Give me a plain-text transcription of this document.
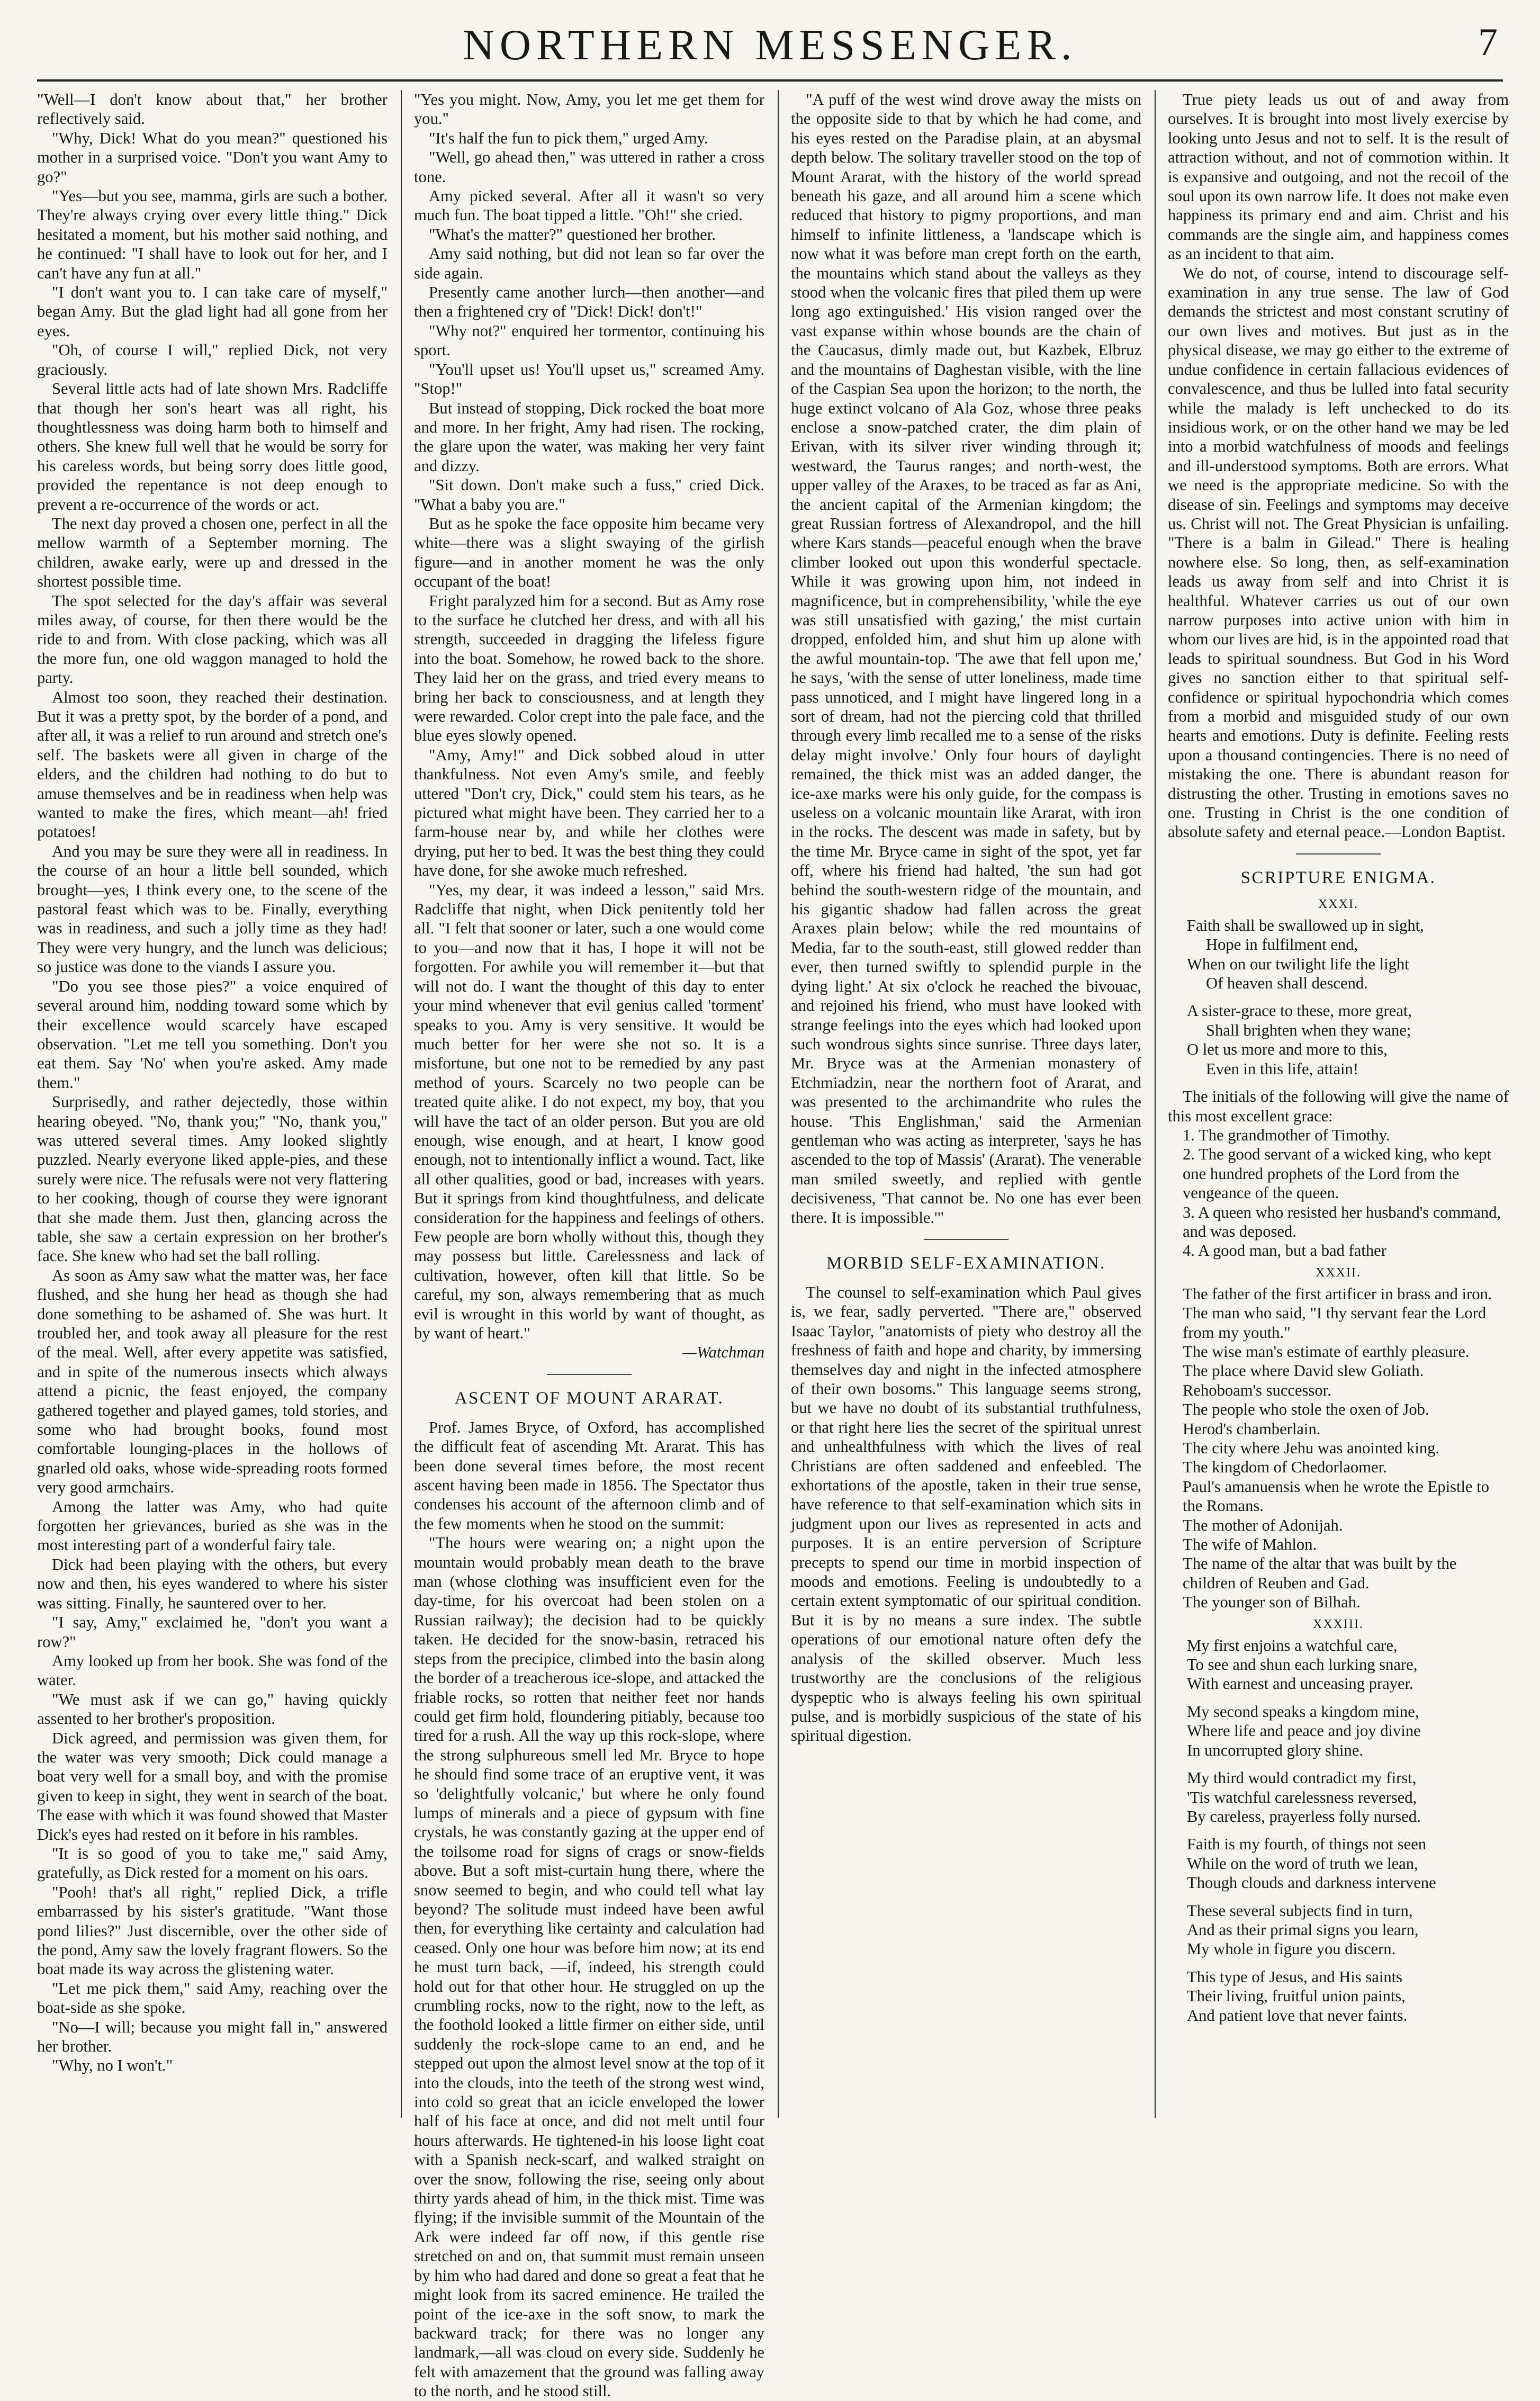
NORTHERN MESSENGER.	7

"Well—I don't know about that," her brother reflectively said.

"Why, Dick! What do you mean?" questioned his mother in a surprised voice. "Don't you want Amy to go?"

"Yes—but you see, mamma, girls are such a bother. They're always crying over every little thing." Dick hesitated a moment, but his mother said nothing, and he continued: "I shall have to look out for her, and I can't have any fun at all."

"I don't want you to. I can take care of myself," began Amy. But the glad light had all gone from her eyes.

"Oh, of course I will," replied Dick, not very graciously.

Several little acts had of late shown Mrs. Radcliffe that though her son's heart was all right, his thoughtlessness was doing harm both to himself and others. She knew full well that he would be sorry for his careless words, but being sorry does little good, provided the repentance is not deep enough to prevent a re-occurrence of the words or act.

The next day proved a chosen one, perfect in all the mellow warmth of a September morning. The children, awake early, were up and dressed in the shortest possible time.

The spot selected for the day's affair was several miles away, of course, for then there would be the ride to and from. With close packing, which was all the more fun, one old waggon managed to hold the party.

Almost too soon, they reached their destination. But it was a pretty spot, by the border of a pond, and after all, it was a relief to run around and stretch one's self. The baskets were all given in charge of the elders, and the children had nothing to do but to amuse themselves and be in readiness when help was wanted to make the fires, which meant—ah! fried potatoes!

And you may be sure they were all in readiness. In the course of an hour a little bell sounded, which brought—yes, I think every one, to the scene of the pastoral feast which was to be. Finally, everything was in readiness, and such a jolly time as they had! They were very hungry, and the lunch was delicious; so justice was done to the viands I assure you.

"Do you see those pies?" a voice enquired of several around him, nodding toward some which by their excellence would scarcely have escaped observation. "Let me tell you something. Don't you eat them. Say 'No' when you're asked. Amy made them."

Surprisedly, and rather dejectedly, those within hearing obeyed. "No, thank you;" "No, thank you," was uttered several times. Amy looked slightly puzzled. Nearly everyone liked apple-pies, and these surely were nice. The refusals were not very flattering to her cooking, though of course they were ignorant that she made them. Just then, glancing across the table, she saw a certain expression on her brother's face. She knew who had set the ball rolling.

As soon as Amy saw what the matter was, her face flushed, and she hung her head as though she had done something to be ashamed of. She was hurt. It troubled her, and took away all pleasure for the rest of the meal. Well, after every appetite was satisfied, and in spite of the numerous insects which always attend a picnic, the feast enjoyed, the company gathered together and played games, told stories, and some who had brought books, found most comfortable lounging-places in the hollows of gnarled old oaks, whose wide-spreading roots formed very good armchairs.

Among the latter was Amy, who had quite forgotten her grievances, buried as she was in the most interesting part of a wonderful fairy tale.

Dick had been playing with the others, but every now and then, his eyes wandered to where his sister was sitting. Finally, he sauntered over to her.

"I say, Amy," exclaimed he, "don't you want a row?"

Amy looked up from her book. She was fond of the water.

"We must ask if we can go," having quickly assented to her brother's proposition.

Dick agreed, and permission was given them, for the water was very smooth; Dick could manage a boat very well for a small boy, and with the promise given to keep in sight, they went in search of the boat. The ease with which it was found showed that Master Dick's eyes had rested on it before in his rambles.

"It is so good of you to take me," said Amy, gratefully, as Dick rested for a moment on his oars.

"Pooh! that's all right," replied Dick, a trifle embarrassed by his sister's gratitude. "Want those pond lilies?" Just discernible, over the other side of the pond, Amy saw the lovely fragrant flowers. So the boat made its way across the glistening water.

"Let me pick them," said Amy, reaching over the boat-side as she spoke.

"No—I will; because you might fall in," answered her brother.

"Why, no I won't."

"Yes you might. Now, Amy, you let me get them for you."

"It's half the fun to pick them," urged Amy.

"Well, go ahead then," was uttered in rather a cross tone.

Amy picked several. After all it wasn't so very much fun. The boat tipped a little. "Oh!" she cried.

"What's the matter?" questioned her brother.

Amy said nothing, but did not lean so far over the side again.

Presently came another lurch—then another—and then a frightened cry of "Dick! Dick! don't!"

"Why not?" enquired her tormentor, continuing his sport.

"You'll upset us! You'll upset us," screamed Amy. "Stop!"

But instead of stopping, Dick rocked the boat more and more. In her fright, Amy had risen. The rocking, the glare upon the water, was making her very faint and dizzy.

"Sit down. Don't make such a fuss," cried Dick. "What a baby you are."

But as he spoke the face opposite him became very white—there was a slight swaying of the girlish figure—and in another moment he was the only occupant of the boat!

Fright paralyzed him for a second. But as Amy rose to the surface he clutched her dress, and with all his strength, succeeded in dragging the lifeless figure into the boat. Somehow, he rowed back to the shore. They laid her on the grass, and tried every means to bring her back to consciousness, and at length they were rewarded. Color crept into the pale face, and the blue eyes slowly opened.

"Amy, Amy!" and Dick sobbed aloud in utter thankfulness. Not even Amy's smile, and feebly uttered "Don't cry, Dick," could stem his tears, as he pictured what might have been. They carried her to a farm-house near by, and while her clothes were drying, put her to bed. It was the best thing they could have done, for she awoke much refreshed.

"Yes, my dear, it was indeed a lesson," said Mrs. Radcliffe that night, when Dick penitently told her all. "I felt that sooner or later, such a one would come to you—and now that it has, I hope it will not be forgotten. For awhile you will remember it—but that will not do. I want the thought of this day to enter your mind whenever that evil genius called 'torment' speaks to you. Amy is very sensitive. It would be much better for her were she not so. It is a misfortune, but one not to be remedied by any past method of yours. Scarcely no two people can be treated quite alike. I do not expect, my boy, that you will have the tact of an older person. But you are old enough, wise enough, and at heart, I know good enough, not to intentionally inflict a wound. Tact, like all other qualities, good or bad, increases with years. But it springs from kind thoughtfulness, and delicate consideration for the happiness and feelings of others. Few people are born wholly without this, though they may possess but little. Carelessness and lack of cultivation, however, often kill that little. So be careful, my son, always remembering that as much evil is wrought in this world by want of thought, as by want of heart."

—Watchman

ASCENT OF MOUNT ARARAT.

Prof. James Bryce, of Oxford, has accomplished the difficult feat of ascending Mt. Ararat. This has been done several times before, the most recent ascent having been made in 1856. The Spectator thus condenses his account of the afternoon climb and of the few moments when he stood on the summit:

"The hours were wearing on; a night upon the mountain would probably mean death to the brave man (whose clothing was insufficient even for the day-time, for his overcoat had been stolen on a Russian railway); the decision had to be quickly taken. He decided for the snow-basin, retraced his steps from the precipice, climbed into the basin along the border of a treacherous ice-slope, and attacked the friable rocks, so rotten that neither feet nor hands could get firm hold, floundering pitiably, because too tired for a rush. All the way up this rock-slope, where the strong sulphureous smell led Mr. Bryce to hope he should find some trace of an eruptive vent, it was so 'delightfully volcanic,' but where he only found lumps of minerals and a piece of gypsum with fine crystals, he was constantly gazing at the upper end of the toilsome road for signs of crags or snow-fields above. But a soft mist-curtain hung there, where the snow seemed to begin, and who could tell what lay beyond? The solitude must indeed have been awful then, for everything like certainty and calculation had ceased. Only one hour was before him now; at its end he must turn back, —if, indeed, his strength could hold out for that other hour. He struggled on up the crumbling rocks, now to the right, now to the left, as the foothold looked a little firmer on either side, until suddenly the rock-slope came to an end, and he stepped out upon the almost level snow at the top of it into the clouds, into the teeth of the strong west wind, into cold so great that an icicle enveloped the lower half of his face at once, and did not melt until four hours afterwards. He tightened-in his loose light coat with a Spanish neck-scarf, and walked straight on over the snow, following the rise, seeing only about thirty yards ahead of him, in the thick mist. Time was flying; if the invisible summit of the Mountain of the Ark were indeed far off now, if this gentle rise stretched on and on, that summit must remain unseen by him who had dared and done so great a feat that he might look from its sacred eminence. He trailed the point of the ice-axe in the soft snow, to mark the backward track; for there was no longer any landmark,—all was cloud on every side. Suddenly he felt with amazement that the ground was falling away to the north, and he stood still.

"A puff of the west wind drove away the mists on the opposite side to that by which he had come, and his eyes rested on the Paradise plain, at an abysmal depth below. The solitary traveller stood on the top of Mount Ararat, with the history of the world spread beneath his gaze, and all around him a scene which reduced that history to pigmy proportions, and man himself to infinite littleness, a 'landscape which is now what it was before man crept forth on the earth, the mountains which stand about the valleys as they stood when the volcanic fires that piled them up were long ago extinguished.' His vision ranged over the vast expanse within whose bounds are the chain of the Caucasus, dimly made out, but Kazbek, Elbruz and the mountains of Daghestan visible, with the line of the Caspian Sea upon the horizon; to the north, the huge extinct volcano of Ala Goz, whose three peaks enclose a snow-patched crater, the dim plain of Erivan, with its silver river winding through it; westward, the Taurus ranges; and north-west, the upper valley of the Araxes, to be traced as far as Ani, the ancient capital of the Armenian kingdom; the great Russian fortress of Alexandropol, and the hill where Kars stands—peaceful enough when the brave climber looked out upon this wonderful spectacle. While it was growing upon him, not indeed in magnificence, but in comprehensibility, 'while the eye was still unsatisfied with gazing,' the mist curtain dropped, enfolded him, and shut him up alone with the awful mountain-top. 'The awe that fell upon me,' he says, 'with the sense of utter loneliness, made time pass unnoticed, and I might have lingered long in a sort of dream, had not the piercing cold that thrilled through every limb recalled me to a sense of the risks delay might involve.' Only four hours of daylight remained, the thick mist was an added danger, the ice-axe marks were his only guide, for the compass is useless on a volcanic mountain like Ararat, with iron in the rocks. The descent was made in safety, but by the time Mr. Bryce came in sight of the spot, yet far off, where his friend had halted, 'the sun had got behind the south-western ridge of the mountain, and his gigantic shadow had fallen across the great Araxes plain below; while the red mountains of Media, far to the south-east, still glowed redder than ever, then turned swiftly to splendid purple in the dying light.' At six o'clock he reached the bivouac, and rejoined his friend, who must have looked with strange feelings into the eyes which had looked upon such wondrous sights since sunrise. Three days later, Mr. Bryce was at the Armenian monastery of Etchmiadzin, near the northern foot of Ararat, and was presented to the archimandrite who rules the house. 'This Englishman,' said the Armenian gentleman who was acting as interpreter, 'says he has ascended to the top of Massis' (Ararat). The venerable man smiled sweetly, and replied with gentle decisiveness, 'That cannot be. No one has ever been there. It is impossible.'"

MORBID SELF-EXAMINATION.

The counsel to self-examination which Paul gives is, we fear, sadly perverted. "There are," observed Isaac Taylor, "anatomists of piety who destroy all the freshness of faith and hope and charity, by immersing themselves day and night in the infected atmosphere of their own bosoms." This language seems strong, but we have no doubt of its substantial truthfulness, or that right here lies the secret of the spiritual unrest and unhealthfulness with which the lives of real Christians are often saddened and enfeebled. The exhortations of the apostle, taken in their true sense, have reference to that self-examination which sits in judgment upon our lives as represented in acts and purposes. It is an entire perversion of Scripture precepts to spend our time in morbid inspection of moods and emotions. Feeling is undoubtedly to a certain extent symptomatic of our spiritual condition. But it is by no means a sure index. The subtle operations of our emotional nature often defy the analysis of the skilled observer. Much less trustworthy are the conclusions of the religious dyspeptic who is always feeling his own spiritual pulse, and is morbidly suspicious of the state of his spiritual digestion.

True piety leads us out of and away from ourselves. It is brought into most lively exercise by looking unto Jesus and not to self. It is the result of attraction without, and not of commotion within. It is expansive and outgoing, and not the recoil of the soul upon its own narrow life. It does not make even happiness its primary end and aim. Christ and his commands are the single aim, and happiness comes as an incident to that aim.

We do not, of course, intend to discourage self-examination in any true sense. The law of God demands the strictest and most constant scrutiny of our own lives and motives. But just as in the physical disease, we may go either to the extreme of undue confidence in certain fallacious evidences of convalescence, and thus be lulled into fatal security while the malady is left unchecked to do its insidious work, or on the other hand we may be led into a morbid watchfulness of moods and feelings and ill-understood symptoms. Both are errors. What we need is the appropriate medicine. So with the disease of sin. Feelings and symptoms may deceive us. Christ will not. The Great Physician is unfailing. "There is a balm in Gilead." There is healing nowhere else. So long, then, as self-examination leads us away from self and into Christ it is healthful. Whatever carries us out of our own narrow purposes into active union with him in whom our lives are hid, is in the appointed road that leads to spiritual soundness. But God in his Word gives no sanction either to that spiritual self-confidence or spiritual hypochondria which comes from a morbid and misguided study of our own hearts and emotions. Duty is definite. Feeling rests upon a thousand contingencies. There is no need of mistaking the one. There is abundant reason for distrusting the other. Trusting in emotions saves no one. Trusting in Christ is the one condition of absolute safety and eternal peace.—London Baptist.

SCRIPTURE ENIGMA.
XXXI.
Faith shall be swallowed up in sight,
Hope in fulfilment end,
When on our twilight life the light
Of heaven shall descend.
A sister-grace to these, more great,
Shall brighten when they wane;
O let us more and more to this,
Even in this life, attain!

The initials of the following will give the name of this most excellent grace:

1. The grandmother of Timothy.
2. The good servant of a wicked king, who kept one hundred prophets of the Lord from the vengeance of the queen.
3. A queen who resisted her husband's command, and was deposed.
4. A good man, but a bad father
XXXII.
The father of the first artificer in brass and iron.
The man who said, "I thy servant fear the Lord from my youth."
The wise man's estimate of earthly pleasure.
The place where David slew Goliath.
Rehoboam's successor.
The people who stole the oxen of Job.
Herod's chamberlain.
The city where Jehu was anointed king.
The kingdom of Chedorlaomer.
Paul's amanuensis when he wrote the Epistle to the Romans.
The mother of Adonijah.
The wife of Mahlon.
The name of the altar that was built by the children of Reuben and Gad.
The younger son of Bilhah.
XXXIII.
My first enjoins a watchful care,
To see and shun each lurking snare,
With earnest and unceasing prayer.
My second speaks a kingdom mine,
Where life and peace and joy divine
In uncorrupted glory shine.
My third would contradict my first,
'Tis watchful carelessness reversed,
By careless, prayerless folly nursed.
Faith is my fourth, of things not seen
While on the word of truth we lean,
Though clouds and darkness intervene
These several subjects find in turn,
And as their primal signs you learn,
My whole in figure you discern.
This type of Jesus, and His saints
Their living, fruitful union paints,
And patient love that never faints.
